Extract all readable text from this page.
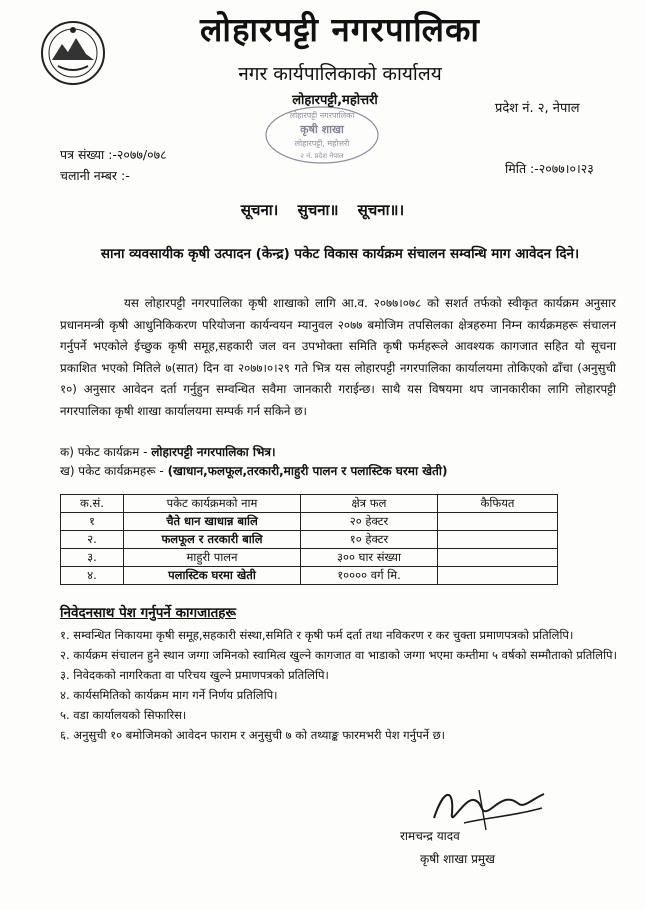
लोहारपट्टी नगरपालिका
नगर कार्यपालिकाको कार्यालय
लोहारपट्टी,महोत्तरी
प्रदेश नं. २, नेपाल
लोहारपट्टी नगरपालिका
कृषी शाखा
लोहारपट्टी, महोत्तरी
२ नं. प्रदेश नेपाल
पत्र संख्या :-२०७७/०७८
चलानी नम्बर :-	मिति :-२०७७।०।२३
सूचना। सुचना॥ सूचना॥।
साना व्यवसायीक कृषी उत्पादन (केन्द्र) पकेट विकास कार्यक्रम संचालन सम्वन्धि माग आवेदन दिने।
यस लोहारपट्टी नगरपालिका कृषी शाखाको लागि आ.व. २०७७।०७८ को सशर्त तर्फको स्वीकृत कार्यक्रम अनुसार प्रधानमन्त्री कृषी आधुनिकिकरण परियोजना कार्यन्वयन म्यानुवल २०७७ बमोजिम तपसिलका क्षेत्रहरुमा निम्न कार्यक्रमहरू संचालन गर्नुपर्ने भएकोले ईच्छुक कृषी समूह,सहकारी जल वन उपभोक्ता समिति कृषी फर्महरूले आवश्यक कागजात सहित यो सूचना प्रकाशित भएको मितिले ७(सात) दिन वा २०७७।०।२९ गते भित्र यस लोहारपट्टी नगरपालिका कार्यालयमा तोकिएको ढाँचा (अनुसुची १०) अनुसार आवेदन दर्ता गर्नुहुन सम्वन्धित सवैमा जानकारी गराईन्छ। साथै यस विषयमा थप जानकारीका लागि लोहारपट्टी नगरपालिका कृषी शाखा कार्यालयमा सम्पर्क गर्न सकिने छ।
क) पकेट कार्यक्रम - लोहारपट्टी नगरपालिका भित्र।
ख) पकेट कार्यक्रमहरू - (खाधान,फलफूल,तरकारी,माहुरी पालन र पलास्टिक घरमा खेती)
क.सं.	पकेट कार्यक्रमको नाम	क्षेत्र फल	कैफियत
१	चैते धान खाधान्न बालि	२० हेक्टर	
२.	फलफूल र तरकारी बालि	१० हेक्टर	
३.	माहुरी पालन	३०० घार संख्या	
४.	पलास्टिक घरमा खेती	१०००० वर्ग मि.	
निवेदनसाथ पेश गर्नुपर्ने कागजातहरू
१. सम्वन्धित निकायमा कृषी समूह,सहकारी संस्था,समिति र कृषी फर्म दर्ता तथा नविकरण र कर चुक्ता प्रमाणपत्रको प्रतिलिपि।
२. कार्यक्रम संचालन हुने स्थान जग्गा जमिनको स्वामित्व खुल्ने कागजात वा भाडाको जग्गा भएमा कम्तीमा ५ वर्षको सम्मौताको प्रतिलिपि।
३. निवेदकको नागरिकता वा परिचय खुल्ने प्रमाणपत्रको प्रतिलिपि।
४. कार्यसमितिको कार्यक्रम माग गर्ने निर्णय प्रतिलिपि।
५. वडा कार्यालयको सिफारिस।
६. अनुसुची १० बमोजिमको आवेदन फाराम र अनुसुची ७ को तथ्याङ्क फारमभरी पेश गर्नुपर्ने छ।
रामचन्द्र यादव
कृषी शाखा प्रमुख
